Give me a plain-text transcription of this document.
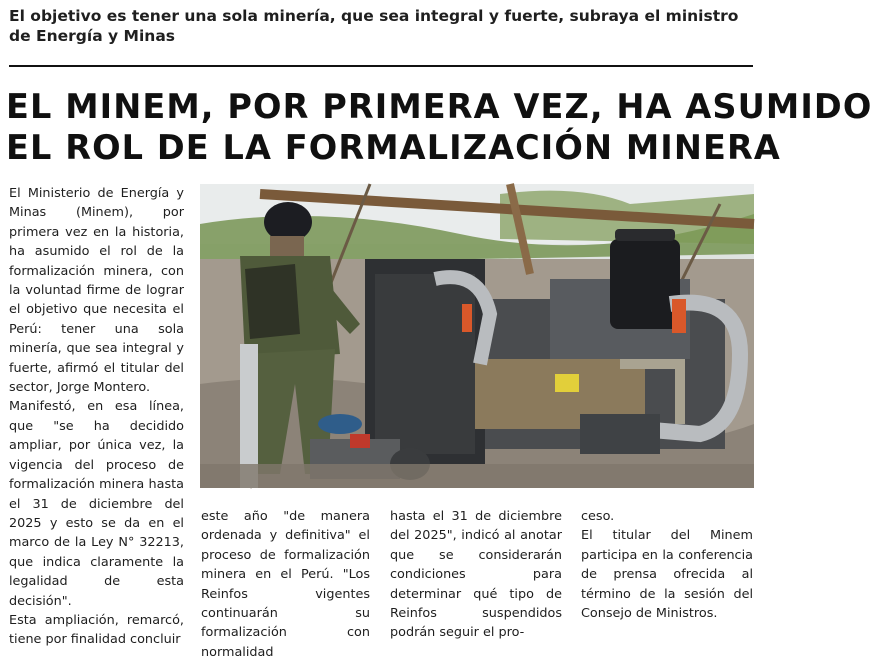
El objetivo es tener una sola minería, que sea integral y fuerte, subraya el ministro de Energía y Minas
EL MINEM, POR PRIMERA VEZ, HA ASUMIDO
EL ROL DE LA FORMALIZACIÓN MINERA

El Ministerio de Energía y Minas (Minem), por primera vez en la historia, ha asumido el rol de la formalización minera, con la voluntad firme de lograr el objetivo que necesita el Perú: tener una sola minería, que sea integral y fuerte, afirmó el titular del sector, Jorge Montero.

Manifestó, en esa línea, que "se ha decidido ampliar, por única vez, la vigencia del proceso de formalización minera hasta el 31 de diciembre del 2025 y esto se da en el marco de la Ley N° 32213, que indica claramente la legalidad de esta decisión".

Esta ampliación, remarcó, tiene por finalidad concluir

este año "de manera ordenada y definitiva" el proceso de formalización minera en el Perú. "Los Reinfos vigentes continuarán su formalización con normalidad

hasta el 31 de diciembre del 2025", indicó al anotar que se considerarán condiciones para determinar qué tipo de Reinfos suspendidos podrán seguir el pro-

ceso.

El titular del Minem participa en la conferencia de prensa ofrecida al término de la sesión del Consejo de Ministros.
